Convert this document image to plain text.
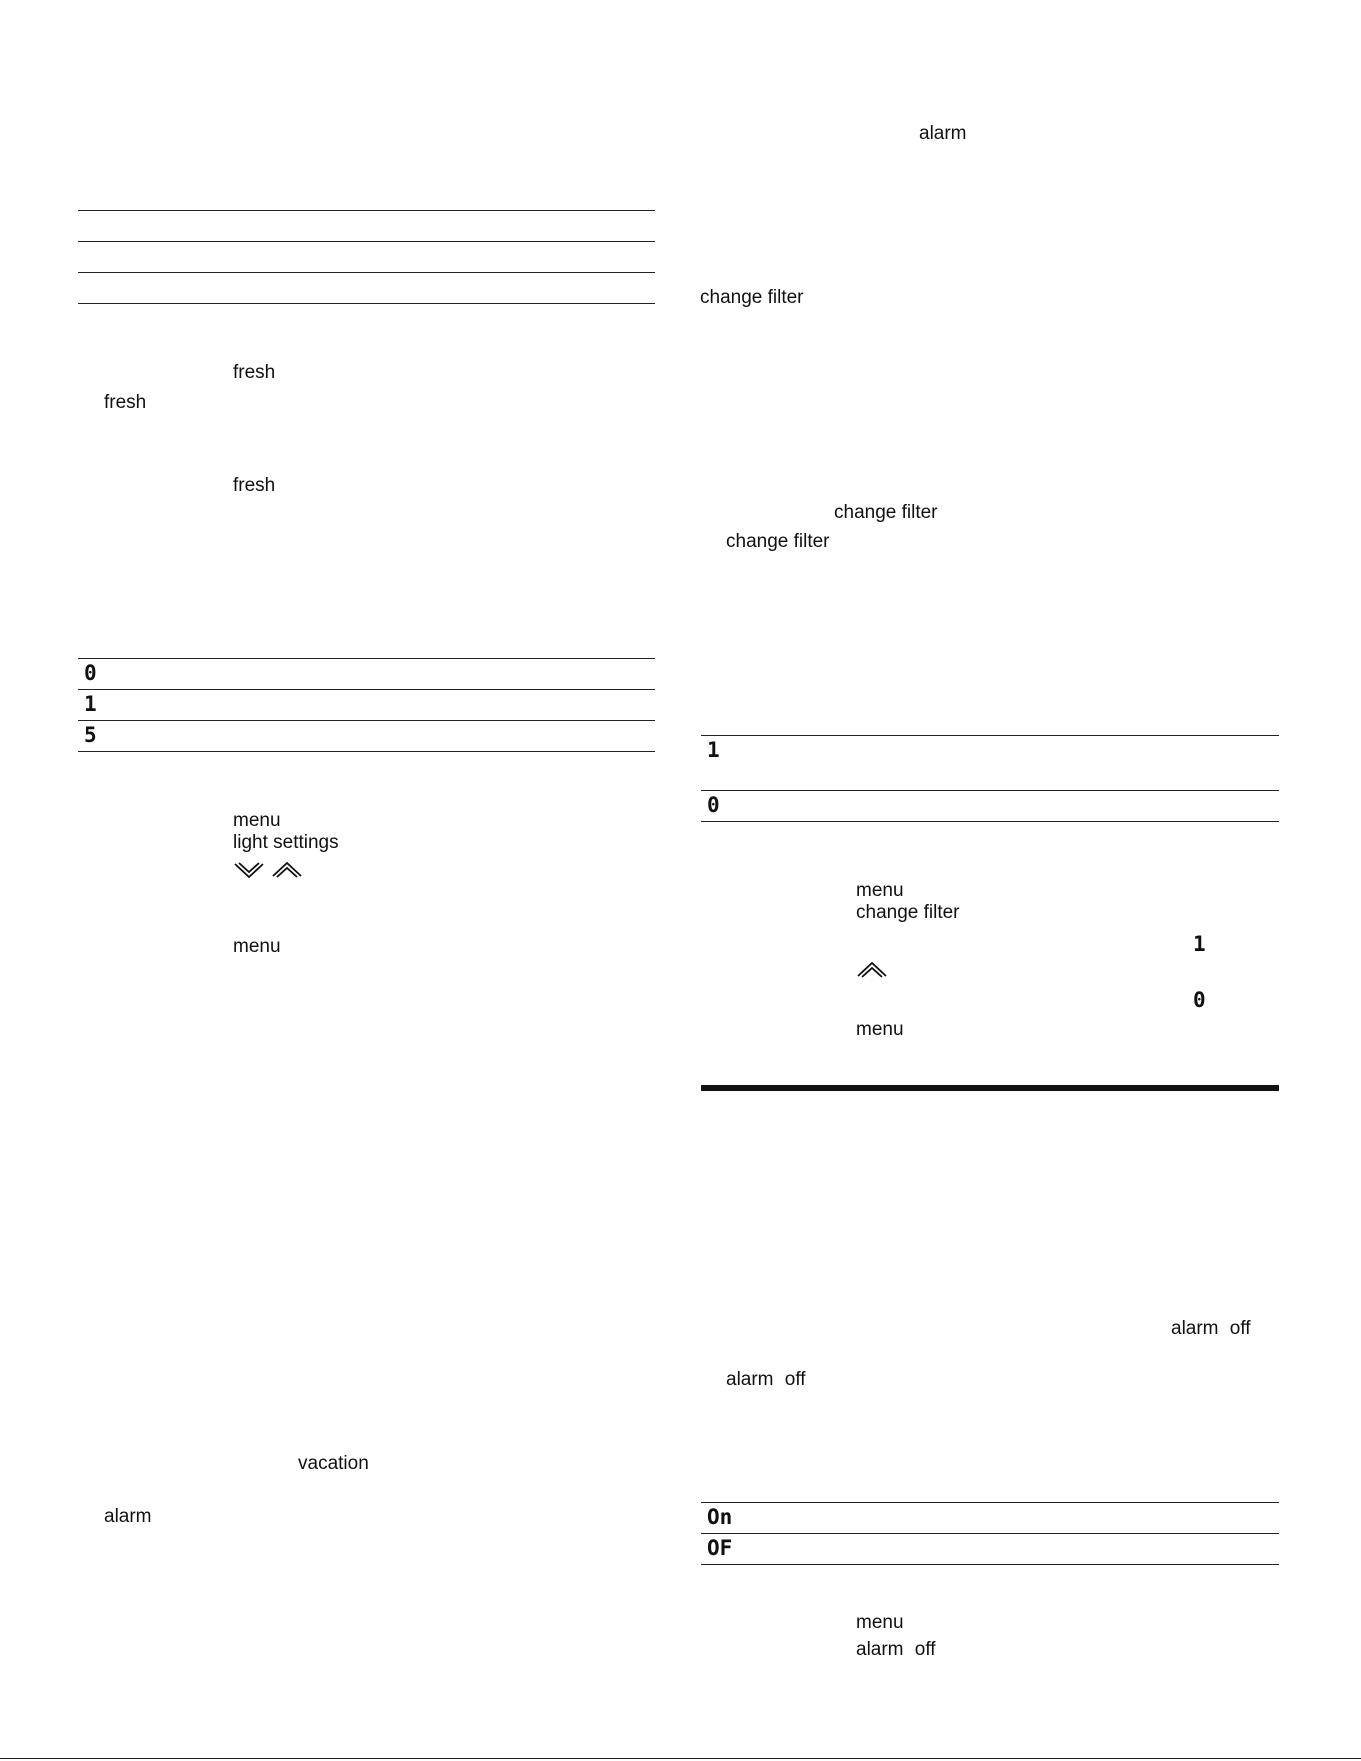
fresh
fresh
fresh
0
1
5
menu
light settings
menu
vacation
alarm
alarm
change filter
change filter
change filter
1
0
menu
change filter
1
0
menu
alarm off
alarm off
On
OF
menu
alarm off
